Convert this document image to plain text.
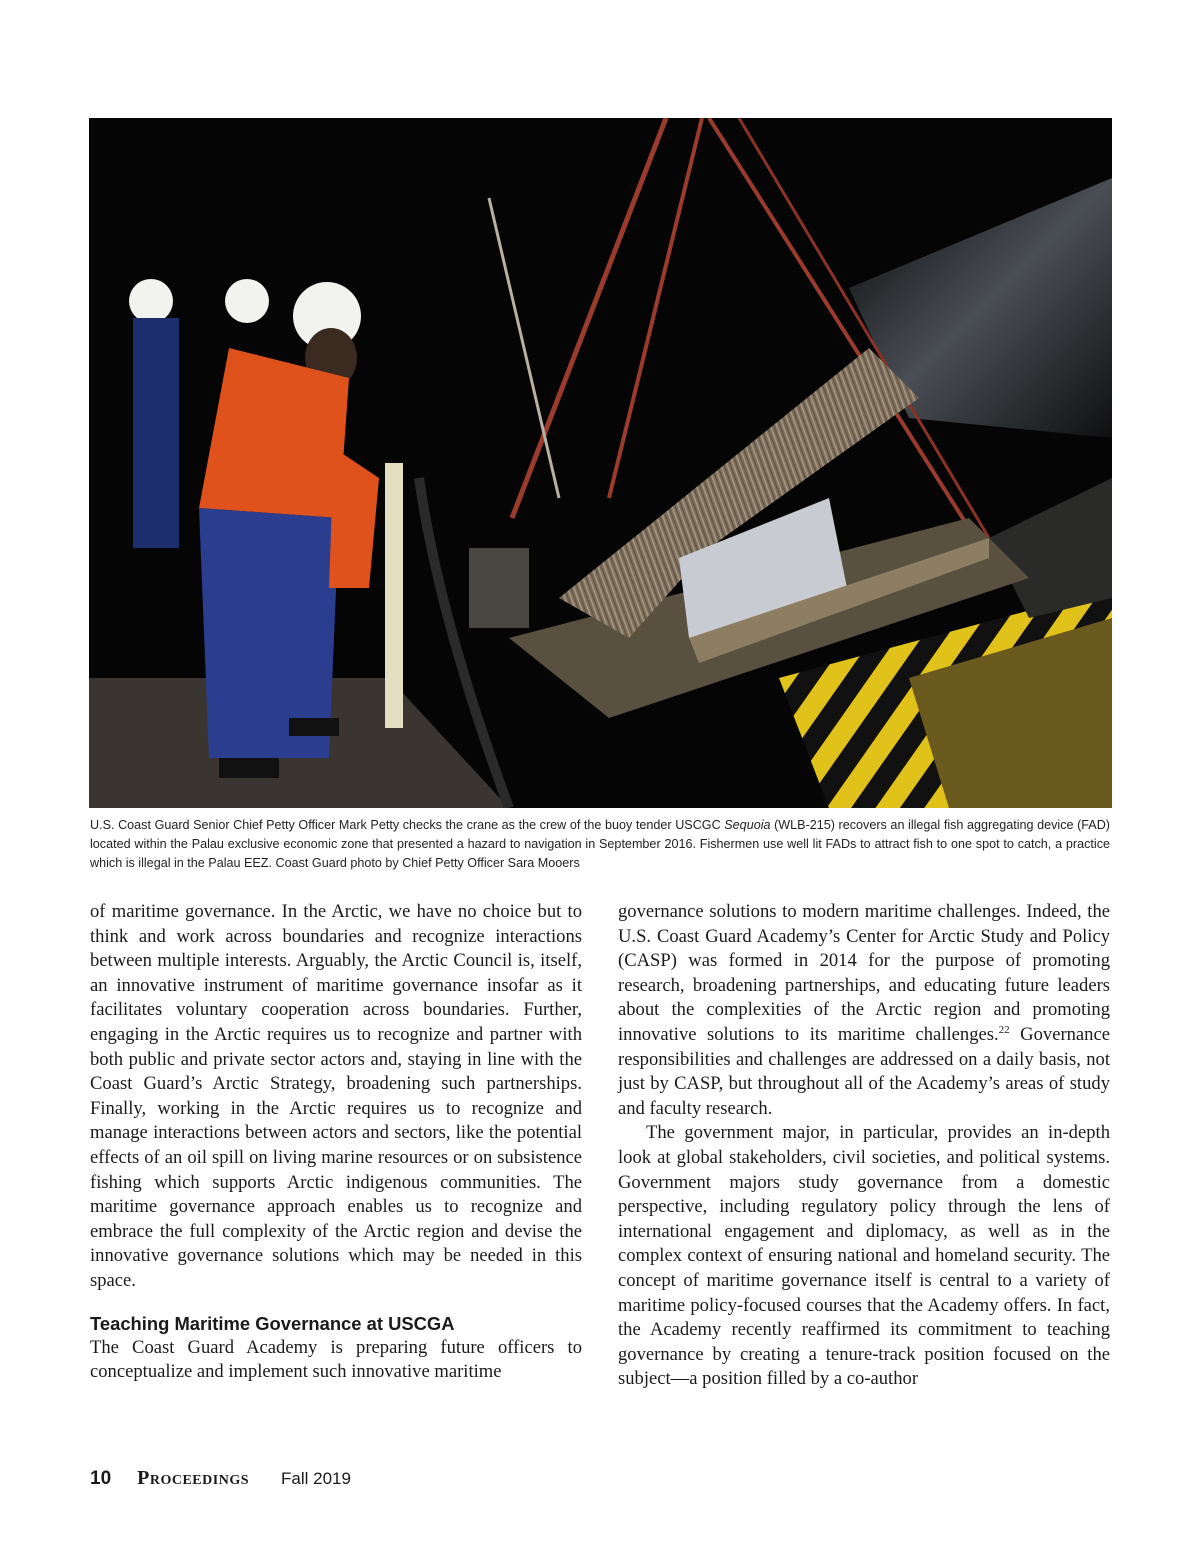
U.S. Coast Guard Senior Chief Petty Officer Mark Petty checks the crane as the crew of the buoy tender USCGC Sequoia (WLB-215) recovers an illegal fish aggregating device (FAD) located within the Palau exclusive economic zone that presented a hazard to navigation in September 2016. Fishermen use well lit FADs to attract fish to one spot to catch, a practice which is illegal in the Palau EEZ. Coast Guard photo by Chief Petty Officer Sara Mooers

of maritime governance. In the Arctic, we have no choice but to think and work across boundaries and recognize interactions between multiple interests. Arguably, the Arctic Council is, itself, an innovative instrument of maritime governance insofar as it facilitates voluntary cooperation across boundaries. Further, engaging in the Arctic requires us to recognize and partner with both public and private sector actors and, staying in line with the Coast Guard’s Arctic Strategy, broadening such partnerships. Finally, working in the Arctic requires us to recognize and manage interactions between actors and sectors, like the potential effects of an oil spill on living marine resources or on subsistence fishing which supports Arctic indigenous communities. The maritime governance approach enables us to recognize and embrace the full complexity of the Arctic region and devise the innovative governance solutions which may be needed in this space.

Teaching Maritime Governance at USCGA

The Coast Guard Academy is preparing future officers to conceptualize and implement such innovative maritime

governance solutions to modern maritime challenges. Indeed, the U.S. Coast Guard Academy’s Center for Arctic Study and Policy (CASP) was formed in 2014 for the purpose of promoting research, broadening partnerships, and educating future leaders about the complexities of the Arctic region and promoting innovative solutions to its maritime challenges.$^{22}$ Governance responsibilities and challenges are addressed on a daily basis, not just by CASP, but throughout all of the Academy’s areas of study and faculty research.

The government major, in particular, provides an in-depth look at global stakeholders, civil societies, and political systems. Government majors study governance from a domestic perspective, including regulatory policy through the lens of international engagement and diplomacy, as well as in the complex context of ensuring national and homeland security. The concept of maritime governance itself is central to a variety of maritime policy-focused courses that the Academy offers. In fact, the Academy recently reaffirmed its commitment to teaching governance by creating a tenure-track position focused on the subject—a position filled by a co-author

10 Proceedings Fall 2019
